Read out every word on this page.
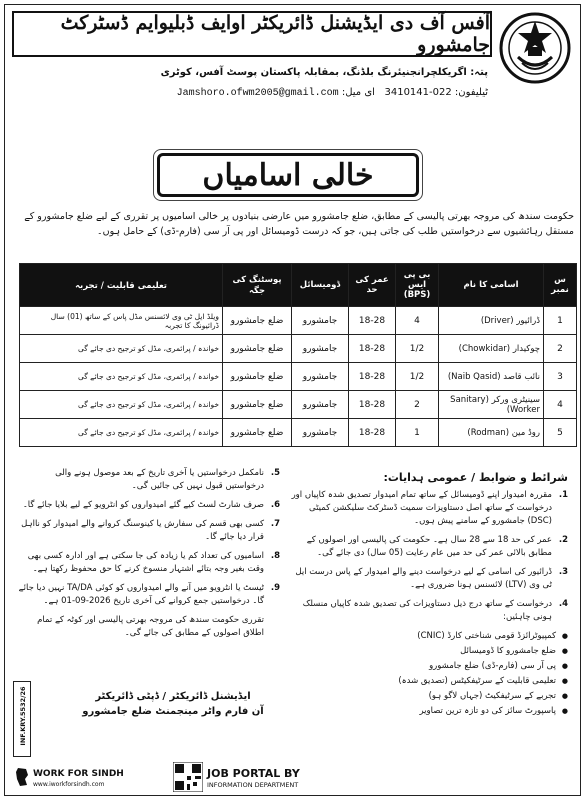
آفس آف دی ایڈیشنل ڈائریکٹر اوایف ڈبلیوایم ڈسٹرکٹ جامشورو
پتہ: اگریکلچرانجنیئرنگ بلڈنگ، بمقابلہ پاکستان پوسٹ آفس، کوٹری
ٹیلیفون: 022-3410141   ای میل: Jamshoro.ofwm2005@gmail.com
خالی اسامیاں
حکومت سندھ کی مروجہ بھرتی پالیسی کے مطابق، ضلع جامشورو میں عارضی بنیادوں پر خالی اسامیوں پر تقرری کے لیے ضلع جامشورو کے مستقل رہائشیوں سے درخواستیں طلب کی جاتی ہیں، جو کہ درست ڈومیسائل اور پی آر سی (فارم-ڈی) کے حامل ہوں۔
س نمبر	اسامی کا نام	بی پی ایس (BPS)	عمر کی حد	ڈومیسائل	پوسٹنگ کی جگہ	تعلیمی قابلیت / تجربہ
1	ڈرائیور (Driver)	4	18-28	جامشورو	ضلع جامشورو	ویلڈ ایل ٹی وی لائسنس مڈل پاس کے ساتھ (01) سال ڈرائیونگ کا تجربہ
2	چوکیدار (Chowkidar)	1/2	18-28	جامشورو	ضلع جامشورو	خواندہ / پرائمری، مڈل کو ترجیح دی جائے گی
3	نائب قاصد (Naib Qasid)	1/2	18-28	جامشورو	ضلع جامشورو	خواندہ / پرائمری، مڈل کو ترجیح دی جائے گی
4	سینیٹری ورکر (Sanitary Worker)	2	18-28	جامشورو	ضلع جامشورو	خواندہ / پرائمری، مڈل کو ترجیح دی جائے گی
5	روڈ مین (Rodman)	1	18-28	جامشورو	ضلع جامشورو	خواندہ / پرائمری، مڈل کو ترجیح دی جائے گی
شرائط و ضوابط / عمومی ہدایات:
1.
مقررہ امیدوار اپنے ڈومیسائل کے ساتھ تمام امیدوار تصدیق شدہ کاپیاں اور درخواست کے ساتھ اصل دستاویزات سمیت ڈسٹرکٹ سلیکشن کمیٹی (DSC) جامشورو کے سامنے پیش ہوں۔
2.
عمر کی حد 18 سے 28 سال ہے۔ حکومت کی پالیسی اور اصولوں کے مطابق بالائی عمر کی حد میں عام رعایت (05 سال) دی جائے گی۔
3.
ڈرائیور کی اسامی کے لیے درخواست دینے والے امیدوار کے پاس درست ایل ٹی وی (LTV) لائسنس ہونا ضروری ہے۔
4.
درخواست کے ساتھ درج ذیل دستاویزات کی تصدیق شدہ کاپیاں منسلک ہونی چاہئیں:
● کمپیوٹرائزڈ قومی شناختی کارڈ (CNIC)
● ضلع جامشورو کا ڈومیسائل
● پی آر سی (فارم-ڈی) ضلع جامشورو
● تعلیمی قابلیت کے سرٹیفکیٹس (تصدیق شدہ)
● تجربے کے سرٹیفکیٹ (جہاں لاگو ہو)
● پاسپورٹ سائز کی دو تازہ ترین تصاویر
5.
نامکمل درخواستیں یا آخری تاریخ کے بعد موصول ہونے والی درخواستیں قبول نہیں کی جائیں گی۔
6.
صرف شارٹ لسٹ کیے گئے امیدواروں کو انٹرویو کے لیے بلایا جائے گا۔
7.
کسی بھی قسم کی سفارش یا کینوسنگ کروانے والے امیدوار کو نااہل قرار دیا جائے گا۔
8.
اسامیوں کی تعداد کم یا زیادہ کی جا سکتی ہے اور ادارہ کسی بھی وقت بغیر وجہ بتائے اشتہار منسوخ کرنے کا حق محفوظ رکھتا ہے۔
9.
ٹیسٹ یا انٹرویو میں آنے والے امیدواروں کو کوئی TA/DA نہیں دیا جائے گا۔ درخواستیں جمع کروانے کی آخری تاریخ 2026-09-01 ہے۔
تقرری حکومت سندھ کی مروجہ بھرتی پالیسی اور کوٹہ کے تمام اطلاق اصولوں کے مطابق کی جائے گی۔
ایڈیشنل ڈائریکٹر / ڈپٹی ڈائریکٹر
آن فارم واٹر مینجمنٹ ضلع جامشورو
INF.KRY.5532/26
WORK FOR SINDH
www.iworkforsindh.com
JOB PORTAL BY
INFORMATION DEPARTMENT
